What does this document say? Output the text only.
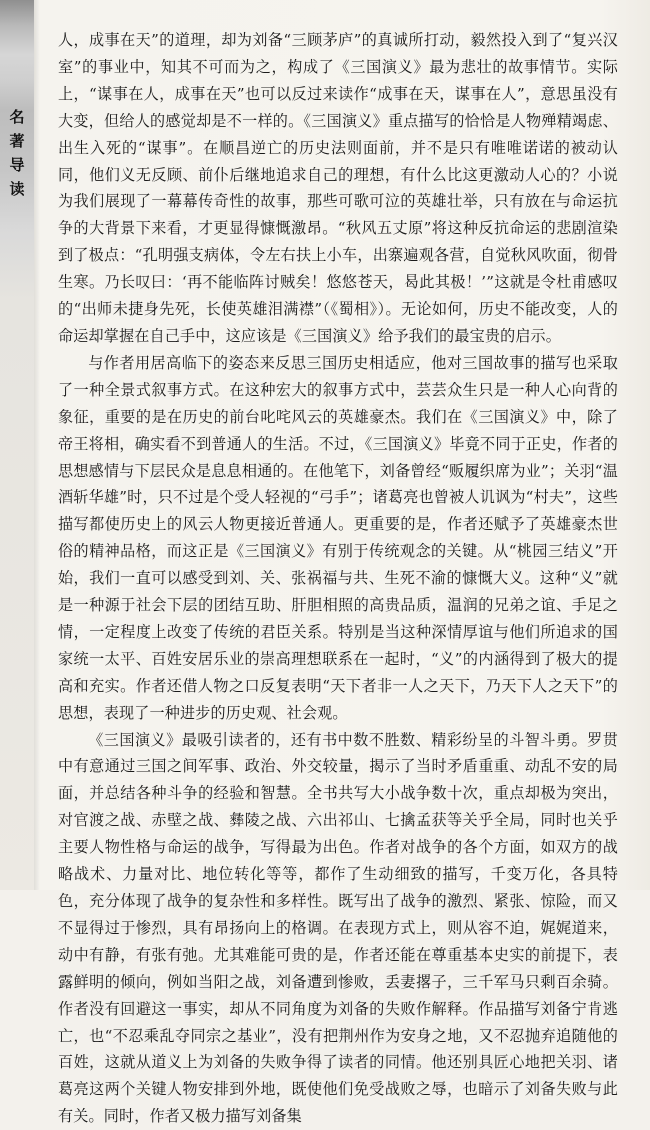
名
著
导
读

人，成事在天”的道理，却为刘备“三顾茅庐”的真诚所打动，毅然投入到了“复兴汉室”的事业中，知其不可而为之，构成了《三国演义》最为悲壮的故事情节。实际上，“谋事在人，成事在天”也可以反过来读作“成事在天，谋事在人”，意思虽没有大变，但给人的感觉却是不一样的。《三国演义》重点描写的恰恰是人物殚精竭虑、出生入死的“谋事”。在顺昌逆亡的历史法则面前，并不是只有唯唯诺诺的被动认同，他们义无反顾、前仆后继地追求自己的理想，有什么比这更激动人心的？小说为我们展现了一幕幕传奇性的故事，那些可歌可泣的英雄壮举，只有放在与命运抗争的大背景下来看，才更显得慷慨激昂。“秋风五丈原”将这种反抗命运的悲剧渲染到了极点：“孔明强支病体，令左右扶上小车，出寨遍观各营，自觉秋风吹面，彻骨生寒。乃长叹曰：‘再不能临阵讨贼矣！悠悠苍天，曷此其极！’”这就是令杜甫感叹的“出师未捷身先死，长使英雄泪满襟”（《蜀相》）。无论如何，历史不能改变，人的命运却掌握在自己手中，这应该是《三国演义》给予我们的最宝贵的启示。

与作者用居高临下的姿态来反思三国历史相适应，他对三国故事的描写也采取了一种全景式叙事方式。在这种宏大的叙事方式中，芸芸众生只是一种人心向背的象征，重要的是在历史的前台叱咤风云的英雄豪杰。我们在《三国演义》中，除了帝王将相，确实看不到普通人的生活。不过，《三国演义》毕竟不同于正史，作者的思想感情与下层民众是息息相通的。在他笔下，刘备曾经“贩履织席为业”；关羽“温酒斩华雄”时，只不过是个受人轻视的“弓手”；诸葛亮也曾被人讥讽为“村夫”，这些描写都使历史上的风云人物更接近普通人。更重要的是，作者还赋予了英雄豪杰世俗的精神品格，而这正是《三国演义》有别于传统观念的关键。从“桃园三结义”开始，我们一直可以感受到刘、关、张祸福与共、生死不渝的慷慨大义。这种“义”就是一种源于社会下层的团结互助、肝胆相照的高贵品质，温润的兄弟之谊、手足之情，一定程度上改变了传统的君臣关系。特别是当这种深情厚谊与他们所追求的国家统一太平、百姓安居乐业的崇高理想联系在一起时，“义”的内涵得到了极大的提高和充实。作者还借人物之口反复表明“天下者非一人之天下，乃天下人之天下”的思想，表现了一种进步的历史观、社会观。

《三国演义》最吸引读者的，还有书中数不胜数、精彩纷呈的斗智斗勇。罗贯中有意通过三国之间军事、政治、外交较量，揭示了当时矛盾重重、动乱不安的局面，并总结各种斗争的经验和智慧。全书共写大小战争数十次，重点却极为突出，对官渡之战、赤壁之战、彝陵之战、六出祁山、七擒孟获等关乎全局，同时也关乎主要人物性格与命运的战争，写得最为出色。作者对战争的各个方面，如双方的战略战术、力量对比、地位转化等等，都作了生动细致的描写，千变万化，各具特色，充分体现了战争的复杂性和多样性。既写出了战争的激烈、紧张、惊险，而又不显得过于惨烈，具有昂扬向上的格调。在表现方式上，则从容不迫，娓娓道来，动中有静，有张有弛。尤其难能可贵的是，作者还能在尊重基本史实的前提下，表露鲜明的倾向，例如当阳之战，刘备遭到惨败，丢妻撂子，三千军马只剩百余骑。作者没有回避这一事实，却从不同角度为刘备的失败作解释。作品描写刘备宁肯逃亡，也“不忍乘乱夺同宗之基业”，没有把荆州作为安身之地，又不忍抛弃追随他的百姓，这就从道义上为刘备的失败争得了读者的同情。他还别具匠心地把关羽、诸葛亮这两个关键人物安排到外地，既使他们免受战败之辱，也暗示了刘备失败与此有关。同时，作者又极力描写刘备集
